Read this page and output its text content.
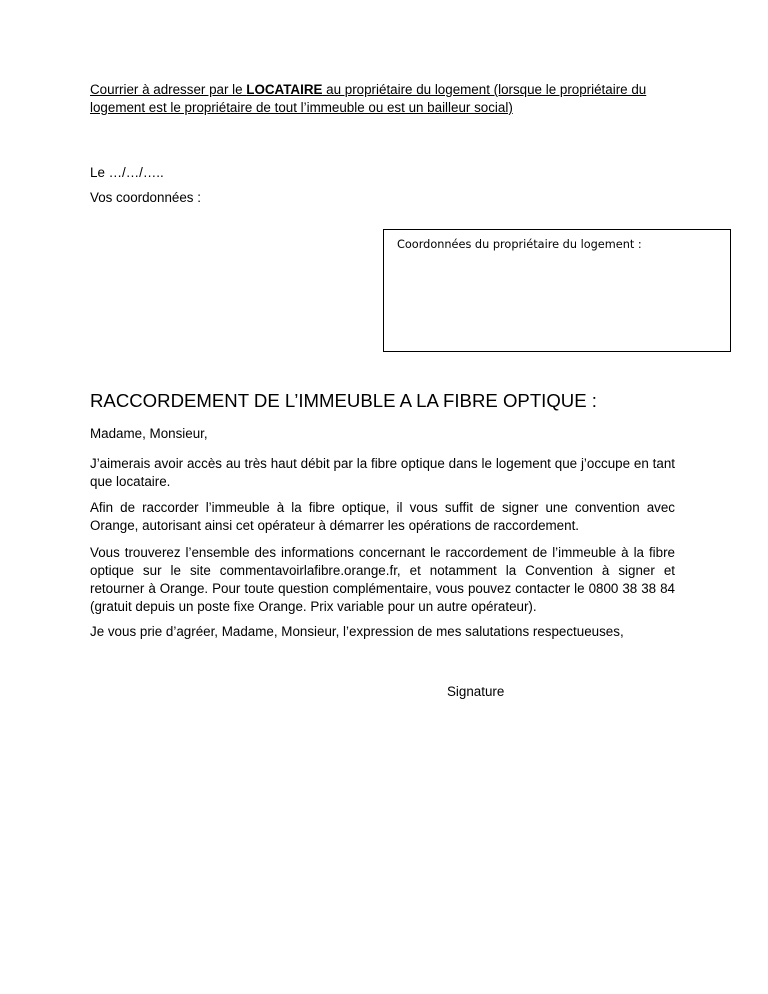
Courrier à adresser par le LOCATAIRE au propriétaire du logement (lorsque le propriétaire du logement est le propriétaire de tout l’immeuble ou est un bailleur social)
Le …/…/…..
Vos coordonnées :
Coordonnées du propriétaire du logement :
RACCORDEMENT DE L’IMMEUBLE A LA FIBRE OPTIQUE :
Madame, Monsieur,
J’aimerais avoir accès au très haut débit par la fibre optique dans le logement que j’occupe en tant que locataire.
Afin de raccorder l’immeuble à la fibre optique, il vous suffit de signer une convention avec Orange, autorisant ainsi cet opérateur à démarrer les opérations de raccordement.
Vous trouverez l’ensemble des informations concernant le raccordement de l’immeuble à la fibre optique sur le site commentavoirlafibre.orange.fr, et notamment la Convention à signer et retourner à Orange. Pour toute question complémentaire, vous pouvez contacter le 0800 38 38 84 (gratuit depuis un poste fixe Orange. Prix variable pour un autre opérateur).
Je vous prie d’agréer, Madame, Monsieur, l’expression de mes salutations respectueuses,
Signature
